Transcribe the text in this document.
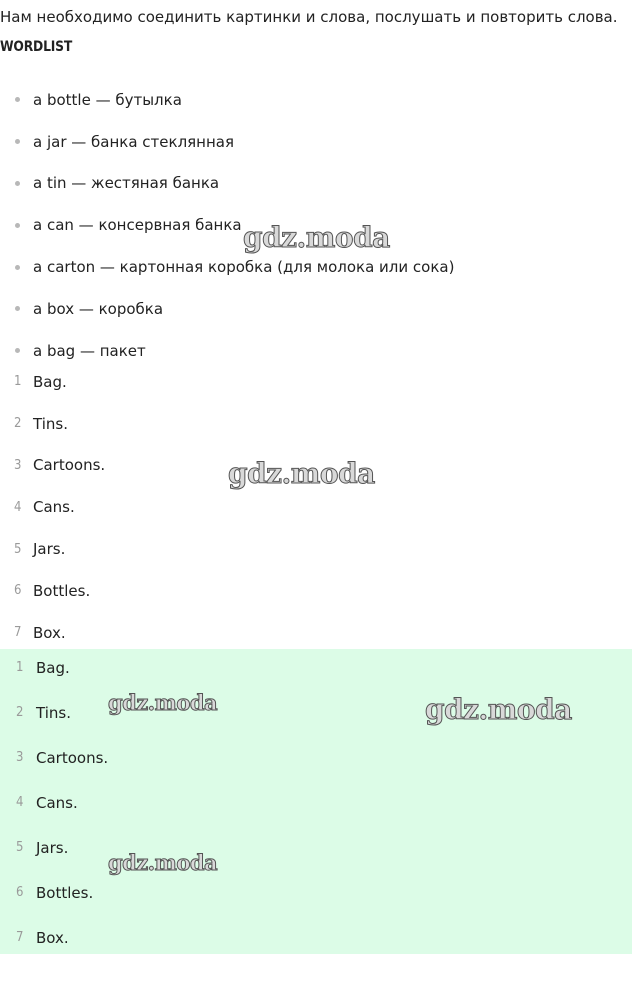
Нам необходимо соединить картинки и слова, послушать и повторить слова.
WORDLIST
a bottle — бутылка
a jar — банка стеклянная
a tin — жестяная банка
a can — консервная банка
a carton — картонная коробка (для молока или сока)
a box — коробка
a bag — пакет
1 Bag.
2 Tins.
3 Cartoons.
4 Cans.
5 Jars.
6 Bottles.
7 Box.
1 Bag.
2 Tins.
3 Cartoons.
4 Cans.
5 Jars.
6 Bottles.
7 Box.
gdz.moda
gdz.moda
gdz.moda
gdz.moda
gdz.moda
